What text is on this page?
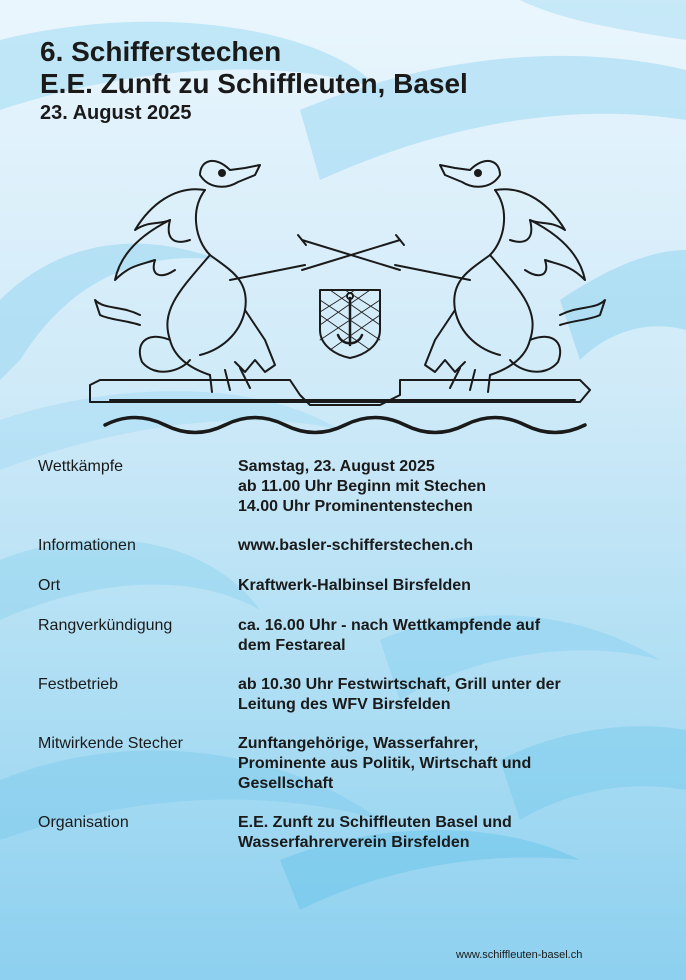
6. Schifferstechen
E.E. Zunft zu Schiffleuten, Basel
23. August 2025
Wettkämpfe	Samstag, 23. August 2025
ab 11.00 Uhr Beginn mit Stechen
14.00 Uhr Prominentenstechen
Informationen	www.basler-schifferstechen.ch
Ort	Kraftwerk-Halbinsel Birsfelden
Rangverkündigung	ca. 16.00 Uhr - nach Wettkampfende auf
dem Festareal
Festbetrieb	ab 10.30 Uhr Festwirtschaft, Grill unter der
Leitung des WFV Birsfelden
Mitwirkende Stecher	Zunftangehörige, Wasserfahrer,
Prominente aus Politik, Wirtschaft und
Gesellschaft
Organisation	E.E. Zunft zu Schiffleuten Basel und
Wasserfahrerverein Birsfelden
www.schiffleuten-basel.ch
